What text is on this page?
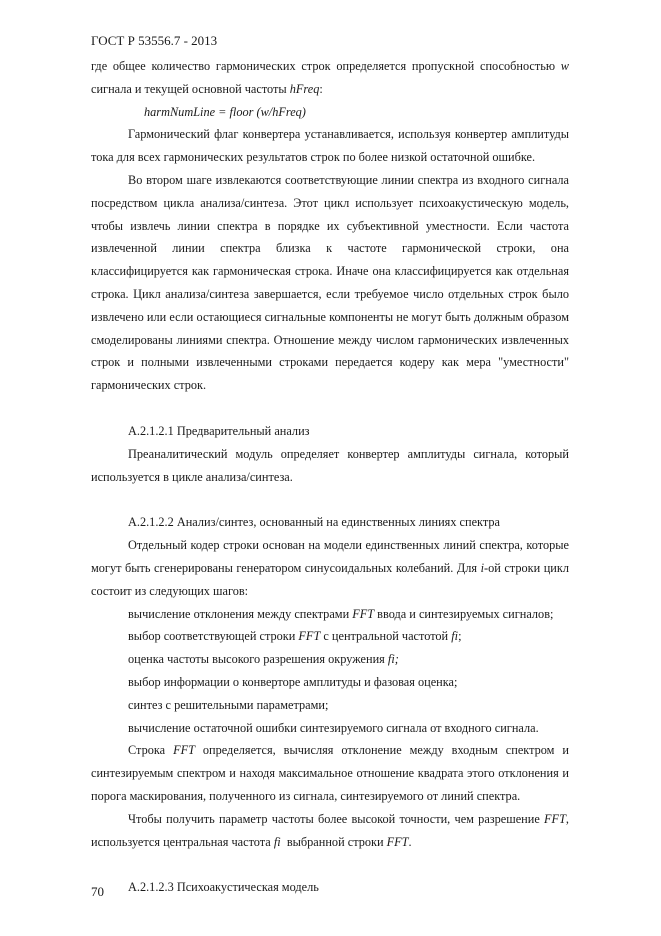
ГОСТ Р 53556.7 - 2013

где общее количество гармонических строк определяется пропускной способностью w сигнала и текущей основной частоты hFreq:

harmNumLine = floor (w/hFreq)

Гармонический флаг конвертера устанавливается, используя конвертер амплитуды тока для всех гармонических результатов строк по более низкой остаточной ошибке.

Во втором шаге извлекаются соответствующие линии спектра из входного сигнала посредством цикла анализа/синтеза. Этот цикл использует психоакустическую модель, чтобы извлечь линии спектра в порядке их субъективной уместности. Если частота извлеченной линии спектра близка к частоте гармонической строки, она классифицируется как гармоническая строка. Иначе она классифицируется как отдельная строка. Цикл анализа/синтеза завершается, если требуемое число отдельных строк было извлечено или если остающиеся сигнальные компоненты не могут быть должным образом смоделированы линиями спектра. Отношение между числом гармонических извлеченных строк и полными извлеченными строками передается кодеру как мера "уместности" гармонических строк.

А.2.1.2.1 Предварительный анализ

Преаналитический модуль определяет конвертер амплитуды сигнала, который используется в цикле анализа/синтеза.

А.2.1.2.2 Анализ/синтез, основанный на единственных линиях спектра

Отдельный кодер строки основан на модели единственных линий спектра, которые могут быть сгенерированы генератором синусоидальных колебаний. Для i-ой строки цикл состоит из следующих шагов:

вычисление отклонения между спектрами FFT ввода и синтезируемых сигналов;

выбор соответствующей строки FFT с центральной частотой fi;

оценка частоты высокого разрешения окружения fi;

выбор информации о конверторе амплитуды и фазовая оценка;

синтез с решительными параметрами;

вычисление остаточной ошибки синтезируемого сигнала от входного сигнала.

Строка FFT определяется, вычисляя отклонение между входным спектром и синтезируемым спектром и находя максимальное отношение квадрата этого отклонения и порога маскирования, полученного из сигнала, синтезируемого от линий спектра.

Чтобы получить параметр частоты более высокой точности, чем разрешение FFT, используется центральная частота fi  выбранной строки FFT.

А.2.1.2.3 Психоакустическая модель

70
